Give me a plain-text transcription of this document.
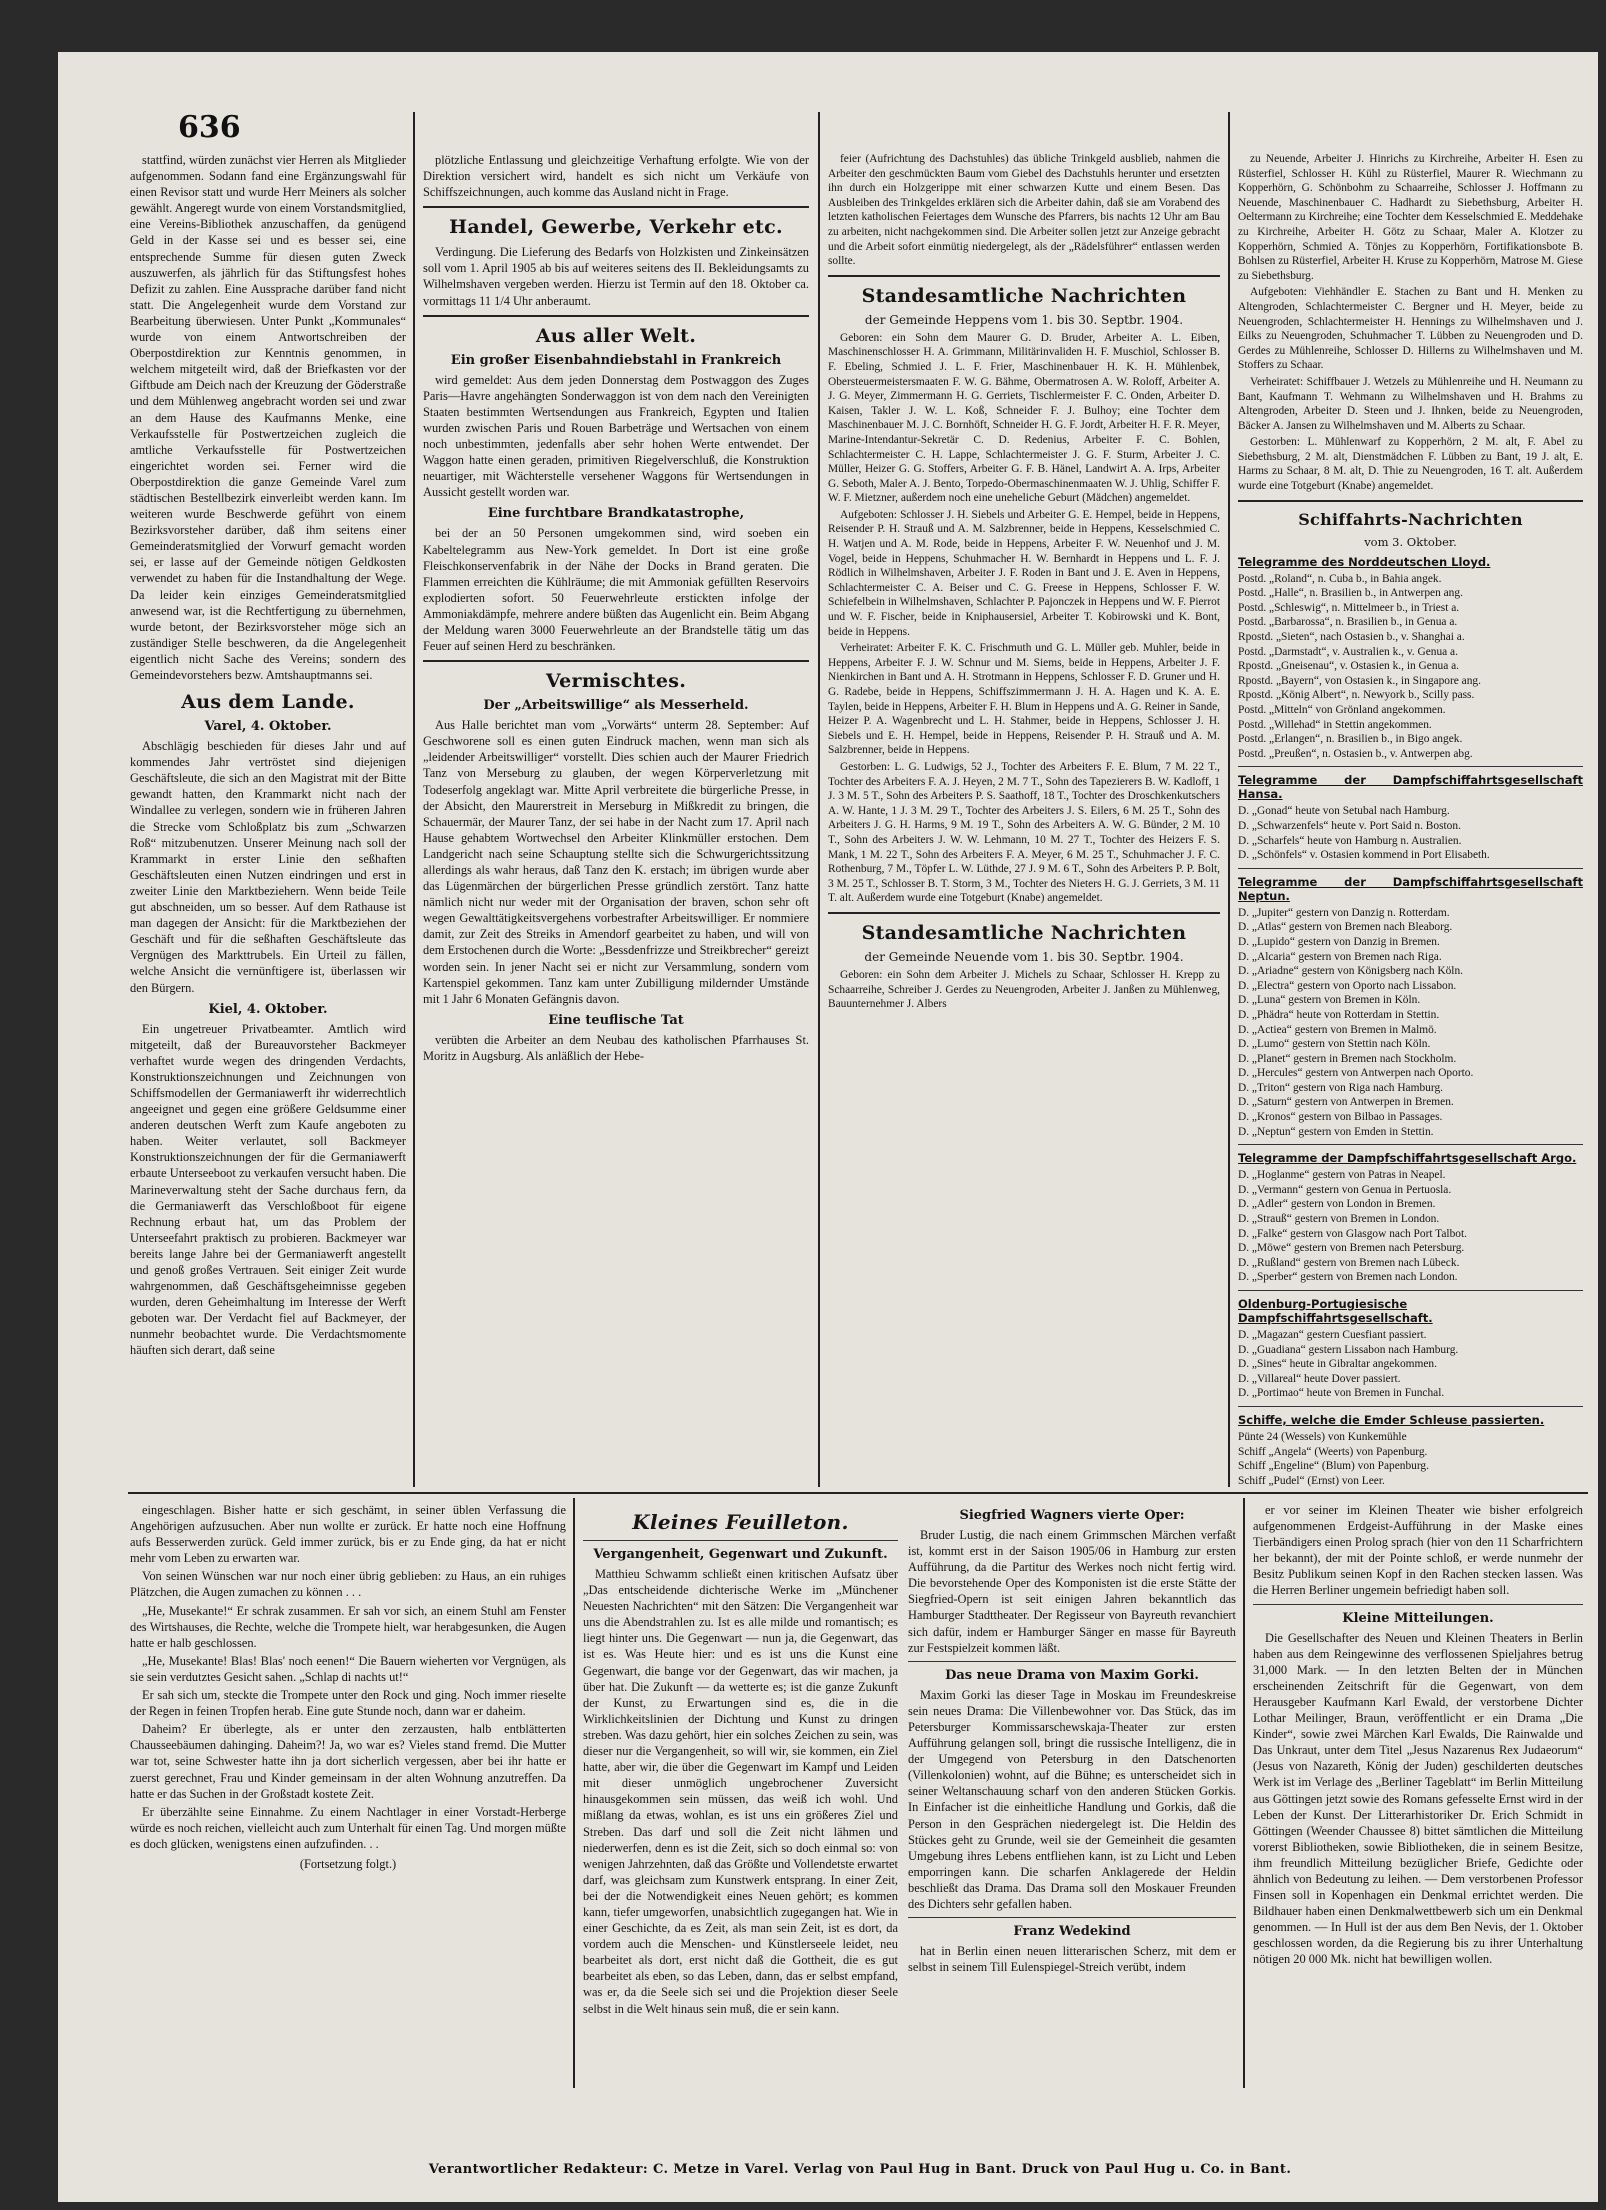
636

stattfind, würden zunächst vier Herren als Mitglieder aufgenommen. Sodann fand eine Ergänzungswahl für einen Revisor statt und wurde Herr Meiners als solcher gewählt. Angeregt wurde von einem Vorstandsmitglied, eine Vereins-Bibliothek anzuschaffen, da genügend Geld in der Kasse sei und es besser sei, eine entsprechende Summe für diesen guten Zweck auszuwerfen, als jährlich für das Stiftungsfest hohes Defizit zu zahlen. Eine Aussprache darüber fand nicht statt. Die Angelegenheit wurde dem Vorstand zur Bearbeitung überwiesen. Unter Punkt „Kommunales“ wurde von einem Antwortschreiben der Oberpostdirektion zur Kenntnis genommen, in welchem mitgeteilt wird, daß der Briefkasten vor der Giftbude am Deich nach der Kreuzung der Göderstraße und dem Mühlenweg angebracht worden sei und zwar an dem Hause des Kaufmanns Menke, eine Verkaufsstelle für Postwertzeichen zugleich die amtliche Verkaufsstelle für Postwertzeichen eingerichtet worden sei. Ferner wird die Oberpostdirektion die ganze Gemeinde Varel zum städtischen Bestellbezirk einverleibt werden kann. Im weiteren wurde Beschwerde geführt von einem Bezirksvorsteher darüber, daß ihm seitens einer Gemeinderatsmitglied der Vorwurf gemacht worden sei, er lasse auf der Gemeinde nötigen Geldkosten verwendet zu haben für die Instandhaltung der Wege. Da leider kein einziges Gemeinderatsmitglied anwesend war, ist die Rechtfertigung zu übernehmen, wurde betont, der Bezirksvorsteher möge sich an zuständiger Stelle beschweren, da die Angelegenheit eigentlich nicht Sache des Vereins; sondern des Gemeindevorstehers bezw. Amtshauptmanns sei.

Aus dem Lande.
Varel, 4. Oktober.

Abschlägig beschieden für dieses Jahr und auf kommendes Jahr vertröstet sind diejenigen Geschäftsleute, die sich an den Magistrat mit der Bitte gewandt hatten, den Krammarkt nicht nach der Windallee zu verlegen, sondern wie in früheren Jahren die Strecke vom Schloßplatz bis zum „Schwarzen Roß“ mitzubenutzen. Unserer Meinung nach soll der Krammarkt in erster Linie den seßhaften Geschäftsleuten einen Nutzen eindringen und erst in zweiter Linie den Marktbeziehern. Wenn beide Teile gut abschneiden, um so besser. Auf dem Rathause ist man dagegen der Ansicht: für die Marktbeziehen der Geschäft und für die seßhaften Geschäftsleute das Vergnügen des Markttrubels. Ein Urteil zu fällen, welche Ansicht die vernünftigere ist, überlassen wir den Bürgern.

Kiel, 4. Oktober.

Ein ungetreuer Privatbeamter. Amtlich wird mitgeteilt, daß der Bureauvorsteher Backmeyer verhaftet wurde wegen des dringenden Verdachts, Konstruktionszeichnungen und Zeichnungen von Schiffsmodellen der Germaniawerft ihr widerrechtlich angeeignet und gegen eine größere Geldsumme einer anderen deutschen Werft zum Kaufe angeboten zu haben. Weiter verlautet, soll Backmeyer Konstruktionszeichnungen der für die Germaniawerft erbaute Unterseeboot zu verkaufen versucht haben. Die Marineverwaltung steht der Sache durchaus fern, da die Germaniawerft das Verschloßboot für eigene Rechnung erbaut hat, um das Problem der Unterseefahrt praktisch zu probieren. Backmeyer war bereits lange Jahre bei der Germaniawerft angestellt und genoß großes Vertrauen. Seit einiger Zeit wurde wahrgenommen, daß Geschäftsgeheimnisse gegeben wurden, deren Geheimhaltung im Interesse der Werft geboten war. Der Verdacht fiel auf Backmeyer, der nunmehr beobachtet wurde. Die Verdachtsmomente häuften sich derart, daß seine

plötzliche Entlassung und gleichzeitige Verhaftung erfolgte. Wie von der Direktion versichert wird, handelt es sich nicht um Verkäufe von Schiffszeichnungen, auch komme das Ausland nicht in Frage.

Handel, Gewerbe, Verkehr etc.

Verdingung. Die Lieferung des Bedarfs von Holzkisten und Zinkeinsätzen soll vom 1. April 1905 ab bis auf weiteres seitens des II. Bekleidungsamts zu Wilhelmshaven vergeben werden. Hierzu ist Termin auf den 18. Oktober ca. vormittags 11 1/4 Uhr anberaumt.

Aus aller Welt.
Ein großer Eisenbahndiebstahl in Frankreich

wird gemeldet: Aus dem jeden Donnerstag dem Postwaggon des Zuges Paris—Havre angehängten Sonderwaggon ist von dem nach den Vereinigten Staaten bestimmten Wertsendungen aus Frankreich, Egypten und Italien wurden zwischen Paris und Rouen Barbeträge und Wertsachen von einem noch unbestimmten, jedenfalls aber sehr hohen Werte entwendet. Der Waggon hatte einen geraden, primitiven Riegelverschluß, die Konstruktion neuartiger, mit Wächterstelle versehener Waggons für Wertsendungen in Aussicht gestellt worden war.

Eine furchtbare Brandkatastrophe,

bei der an 50 Personen umgekommen sind, wird soeben ein Kabeltelegramm aus New-York gemeldet. In Dort ist eine große Fleischkonservenfabrik in der Nähe der Docks in Brand geraten. Die Flammen erreichten die Kühlräume; die mit Ammoniak gefüllten Reservoirs explodierten sofort. 50 Feuerwehrleute erstickten infolge der Ammoniakdämpfe, mehrere andere büßten das Augenlicht ein. Beim Abgang der Meldung waren 3000 Feuerwehrleute an der Brandstelle tätig um das Feuer auf seinen Herd zu beschränken.

Vermischtes.
Der „Arbeitswillige“ als Messerheld.

Aus Halle berichtet man vom „Vorwärts“ unterm 28. September: Auf Geschworene soll es einen guten Eindruck machen, wenn man sich als „leidender Arbeitswilliger“ vorstellt. Dies schien auch der Maurer Friedrich Tanz von Merseburg zu glauben, der wegen Körperverletzung mit Todeserfolg angeklagt war. Mitte April verbreitete die bürgerliche Presse, in der Absicht, den Maurerstreit in Merseburg in Mißkredit zu bringen, die Schauermär, der Maurer Tanz, der sei habe in der Nacht zum 17. April nach Hause gehabtem Wortwechsel den Arbeiter Klinkmüller erstochen. Dem Landgericht nach seine Schauptung stellte sich die Schwurgerichtssitzung allerdings als wahr heraus, daß Tanz den K. erstach; im übrigen wurde aber das Lügenmärchen der bürgerlichen Presse gründlich zerstört. Tanz hatte nämlich nicht nur weder mit der Organisation der braven, schon sehr oft wegen Gewalttätigkeitsvergehens vorbestrafter Arbeitswilliger. Er nommiere damit, zur Zeit des Streiks in Amendorf gearbeitet zu haben, und will von dem Erstochenen durch die Worte: „Bessdenfrizze und Streikbrecher“ gereizt worden sein. In jener Nacht sei er nicht zur Versammlung, sondern vom Kartenspiel gekommen. Tanz kam unter Zubilligung mildernder Umstände mit 1 Jahr 6 Monaten Gefängnis davon.

Eine teuflische Tat

verübten die Arbeiter an dem Neubau des katholischen Pfarrhauses St. Moritz in Augsburg. Als anläßlich der Hebe-

feier (Aufrichtung des Dachstuhles) das übliche Trinkgeld ausblieb, nahmen die Arbeiter den geschmückten Baum vom Giebel des Dachstuhls herunter und ersetzten ihn durch ein Holzgerippe mit einer schwarzen Kutte und einem Besen. Das Ausbleiben des Trinkgeldes erklären sich die Arbeiter dahin, daß sie am Vorabend des letzten katholischen Feiertages dem Wunsche des Pfarrers, bis nachts 12 Uhr am Bau zu arbeiten, nicht nachgekommen sind. Die Arbeiter sollen jetzt zur Anzeige gebracht und die Arbeit sofort einmütig niedergelegt, als der „Rädelsführer“ entlassen werden sollte.

Standesamtliche Nachrichten
der Gemeinde Heppens vom 1. bis 30. Septbr. 1904.

Geboren: ein Sohn dem Maurer G. D. Bruder, Arbeiter A. L. Eiben, Maschinenschlosser H. A. Grimmann, Militärinvaliden H. F. Muschiol, Schlosser B. F. Ebeling, Schmied J. L. F. Frier, Maschinenbauer H. K. H. Mühlenbek, Obersteuermeistersmaaten F. W. G. Bähme, Obermatrosen A. W. Roloff, Arbeiter A. J. G. Meyer, Zimmermann H. G. Gerriets, Tischlermeister F. C. Onden, Arbeiter D. Kaisen, Takler J. W. L. Koß, Schneider F. J. Bulhoy; eine Tochter dem Maschinenbauer M. J. C. Bornhöft, Schneider H. G. F. Jordt, Arbeiter H. F. R. Meyer, Marine-Intendantur-Sekretär C. D. Redenius, Arbeiter F. C. Bohlen, Schlachtermeister C. H. Lappe, Schlachtermeister J. G. F. Sturm, Arbeiter J. C. Müller, Heizer G. G. Stoffers, Arbeiter G. F. B. Hänel, Landwirt A. A. Irps, Arbeiter G. Seboth, Maler A. J. Bento, Torpedo-Obermaschinenmaaten W. J. Uhlig, Schiffer F. W. F. Mietzner, außerdem noch eine uneheliche Geburt (Mädchen) angemeldet.

Aufgeboten: Schlosser J. H. Siebels und Arbeiter G. E. Hempel, beide in Heppens, Reisender P. H. Strauß und A. M. Salzbrenner, beide in Heppens, Kesselschmied C. H. Watjen und A. M. Rode, beide in Heppens, Arbeiter F. W. Neuenhof und J. M. Vogel, beide in Heppens, Schuhmacher H. W. Bernhardt in Heppens und L. F. J. Rödlich in Wilhelmshaven, Arbeiter J. F. Roden in Bant und J. E. Aven in Heppens, Schlachtermeister C. A. Beiser und C. G. Freese in Heppens, Schlosser F. W. Schiefelbein in Wilhelmshaven, Schlachter P. Pajonczek in Heppens und W. F. Pierrot und W. F. Fischer, beide in Kniphausersiel, Arbeiter T. Kobirowski und K. Bont, beide in Heppens.

Verheiratet: Arbeiter F. K. C. Frischmuth und G. L. Müller geb. Muhler, beide in Heppens, Arbeiter F. J. W. Schnur und M. Siems, beide in Heppens, Arbeiter J. F. Nienkirchen in Bant und A. H. Strotmann in Heppens, Schlosser F. D. Gruner und H. G. Radebe, beide in Heppens, Schiffszimmermann J. H. A. Hagen und K. A. E. Taylen, beide in Heppens, Arbeiter F. H. Blum in Heppens und A. G. Reiner in Sande, Heizer P. A. Wagenbrecht und L. H. Stahmer, beide in Heppens, Schlosser J. H. Siebels und E. H. Hempel, beide in Heppens, Reisender P. H. Strauß und A. M. Salzbrenner, beide in Heppens.

Gestorben: L. G. Ludwigs, 52 J., Tochter des Arbeiters F. E. Blum, 7 M. 22 T., Tochter des Arbeiters F. A. J. Heyen, 2 M. 7 T., Sohn des Tapezierers B. W. Kadloff, 1 J. 3 M. 5 T., Sohn des Arbeiters P. S. Saathoff, 18 T., Tochter des Droschkenkutschers A. W. Hante, 1 J. 3 M. 29 T., Tochter des Arbeiters J. S. Eilers, 6 M. 25 T., Sohn des Arbeiters J. G. H. Harms, 9 M. 19 T., Sohn des Arbeiters A. W. G. Bünder, 2 M. 10 T., Sohn des Arbeiters J. W. W. Lehmann, 10 M. 27 T., Tochter des Heizers F. S. Mank, 1 M. 22 T., Sohn des Arbeiters F. A. Meyer, 6 M. 25 T., Schuhmacher J. F. C. Rothenburg, 7 M., Töpfer L. W. Lüthde, 27 J. 9 M. 6 T., Sohn des Arbeiters P. P. Bolt, 3 M. 25 T., Schlosser B. T. Storm, 3 M., Tochter des Nieters H. G. J. Gerriets, 3 M. 11 T. alt. Außerdem wurde eine Totgeburt (Knabe) angemeldet.

Standesamtliche Nachrichten
der Gemeinde Neuende vom 1. bis 30. Septbr. 1904.

Geboren: ein Sohn dem Arbeiter J. Michels zu Schaar, Schlosser H. Krepp zu Schaarreihe, Schreiber J. Gerdes zu Neuengroden, Arbeiter J. Janßen zu Mühlenweg, Bauunternehmer J. Albers

zu Neuende, Arbeiter J. Hinrichs zu Kirchreihe, Arbeiter H. Esen zu Rüsterfiel, Schlosser H. Kühl zu Rüsterfiel, Maurer R. Wiechmann zu Kopperhörn, G. Schönbohm zu Schaarreihe, Schlosser J. Hoffmann zu Neuende, Maschinenbauer C. Hadhardt zu Siebethsburg, Arbeiter H. Oeltermann zu Kirchreihe; eine Tochter dem Kesselschmied E. Meddehake zu Kirchreihe, Arbeiter H. Götz zu Schaar, Maler A. Klotzer zu Kopperhörn, Schmied A. Tönjes zu Kopperhörn, Fortifikationsbote B. Bohlsen zu Rüsterfiel, Arbeiter H. Kruse zu Kopperhörn, Matrose M. Giese zu Siebethsburg.

Aufgeboten: Viehhändler E. Stachen zu Bant und H. Menken zu Altengroden, Schlachtermeister C. Bergner und H. Meyer, beide zu Neuengroden, Schlachtermeister H. Hennings zu Wilhelmshaven und J. Eilks zu Neuengroden, Schuhmacher T. Lübben zu Neuengroden und D. Gerdes zu Mühlenreihe, Schlosser D. Hillerns zu Wilhelmshaven und M. Stoffers zu Schaar.

Verheiratet: Schiffbauer J. Wetzels zu Mühlenreihe und H. Neumann zu Bant, Kaufmann T. Wehmann zu Wilhelmshaven und H. Brahms zu Altengroden, Arbeiter D. Steen und J. Ihnken, beide zu Neuengroden, Bäcker A. Jansen zu Wilhelmshaven und M. Alberts zu Schaar.

Gestorben: L. Mühlenwarf zu Kopperhörn, 2 M. alt, F. Abel zu Siebethsburg, 2 M. alt, Dienstmädchen F. Lübben zu Bant, 19 J. alt, E. Harms zu Schaar, 8 M. alt, D. Thie zu Neuengroden, 16 T. alt. Außerdem wurde eine Totgeburt (Knabe) angemeldet.

Schiffahrts-Nachrichten
vom 3. Oktober.
Telegramme des Norddeutschen Lloyd.
Postd. „Roland“, n. Cuba b., in Bahia angek.
Postd. „Halle“, n. Brasilien b., in Antwerpen ang.
Postd. „Schleswig“, n. Mittelmeer b., in Triest a.
Postd. „Barbarossa“, n. Brasilien b., in Genua a.
Rpostd. „Sieten“, nach Ostasien b., v. Shanghai a.
Postd. „Darmstadt“, v. Australien k., v. Genua a.
Rpostd. „Gneisenau“, v. Ostasien k., in Genua a.
Rpostd. „Bayern“, von Ostasien k., in Singapore ang.
Rpostd. „König Albert“, n. Newyork b., Scilly pass.
Postd. „Mitteln“ von Grönland angekommen.
Postd. „Willehad“ in Stettin angekommen.
Postd. „Erlangen“, n. Brasilien b., in Bigo angek.
Postd. „Preußen“, n. Ostasien b., v. Antwerpen abg.
Telegramme der Dampfschiffahrtsgesellschaft Hansa.
D. „Gonad“ heute von Setubal nach Hamburg.
D. „Schwarzenfels“ heute v. Port Said n. Boston.
D. „Scharfels“ heute von Hamburg n. Australien.
D. „Schönfels“ v. Ostasien kommend in Port Elisabeth.
Telegramme der Dampfschiffahrtsgesellschaft Neptun.
D. „Jupiter“ gestern von Danzig n. Rotterdam.
D. „Atlas“ gestern von Bremen nach Bleaborg.
D. „Lupido“ gestern von Danzig in Bremen.
D. „Alcaria“ gestern von Bremen nach Riga.
D. „Ariadne“ gestern von Königsberg nach Köln.
D. „Electra“ gestern von Oporto nach Lissabon.
D. „Luna“ gestern von Bremen in Köln.
D. „Phädra“ heute von Rotterdam in Stettin.
D. „Actiea“ gestern von Bremen in Malmö.
D. „Lumo“ gestern von Stettin nach Köln.
D. „Planet“ gestern in Bremen nach Stockholm.
D. „Hercules“ gestern von Antwerpen nach Oporto.
D. „Triton“ gestern von Riga nach Hamburg.
D. „Saturn“ gestern von Antwerpen in Bremen.
D. „Kronos“ gestern von Bilbao in Passages.
D. „Neptun“ gestern von Emden in Stettin.
Telegramme der Dampfschiffahrtsgesellschaft Argo.
D. „Hoglanme“ gestern von Patras in Neapel.
D. „Vermann“ gestern von Genua in Pertuosla.
D. „Adler“ gestern von London in Bremen.
D. „Strauß“ gestern von Bremen in London.
D. „Falke“ gestern von Glasgow nach Port Talbot.
D. „Möwe“ gestern von Bremen nach Petersburg.
D. „Rußland“ gestern von Bremen nach Lübeck.
D. „Sperber“ gestern von Bremen nach London.
Oldenburg-Portugiesische Dampfschiffahrtsgesellschaft.
D. „Magazan“ gestern Cuesfiant passiert.
D. „Guadiana“ gestern Lissabon nach Hamburg.
D. „Sines“ heute in Gibraltar angekommen.
D. „Villareal“ heute Dover passiert.
D. „Portimao“ heute von Bremen in Funchal.
Schiffe, welche die Emder Schleuse passierten.
Pünte 24 (Wessels) von Kunkemühle
Schiff „Angela“ (Weerts) von Papenburg.
Schiff „Engeline“ (Blum) von Papenburg.
Schiff „Pudel“ (Ernst) von Leer.

eingeschlagen. Bisher hatte er sich geschämt, in seiner üblen Verfassung die Angehörigen aufzusuchen. Aber nun wollte er zurück. Er hatte noch eine Hoffnung aufs Besserwerden zurück. Geld immer zurück, bis er zu Ende ging, da hat er nicht mehr vom Leben zu erwarten war.

Von seinen Wünschen war nur noch einer übrig geblieben: zu Haus, an ein ruhiges Plätzchen, die Augen zumachen zu können . . .

„He, Musekante!“ Er schrak zusammen. Er sah vor sich, an einem Stuhl am Fenster des Wirtshauses, die Rechte, welche die Trompete hielt, war herabgesunken, die Augen hatte er halb geschlossen.

„He, Musekante! Blas! Blas' noch eenen!“ Die Bauern wieherten vor Vergnügen, als sie sein verdutztes Gesicht sahen. „Schlap di nachts ut!“

Er sah sich um, steckte die Trompete unter den Rock und ging. Noch immer rieselte der Regen in feinen Tropfen herab. Eine gute Stunde noch, dann war er daheim.

Daheim? Er überlegte, als er unter den zerzausten, halb entblätterten Chausseebäumen dahinging. Daheim?! Ja, wo war es? Vieles stand fremd. Die Mutter war tot, seine Schwester hatte ihn ja dort sicherlich vergessen, aber bei ihr hatte er zuerst gerechnet, Frau und Kinder gemeinsam in der alten Wohnung anzutreffen. Da hatte er das Suchen in der Großstadt kostete Zeit.

Er überzählte seine Einnahme. Zu einem Nachtlager in einer Vorstadt-Herberge würde es noch reichen, vielleicht auch zum Unterhalt für einen Tag. Und morgen müßte es doch glücken, wenigstens einen aufzufinden. . .

(Fortsetzung folgt.)
Kleines Feuilleton.
Vergangenheit, Gegenwart und Zukunft.

Matthieu Schwamm schließt einen kritischen Aufsatz über „Das entscheidende dichterische Werke im „Münchener Neuesten Nachrichten“ mit den Sätzen: Die Vergangenheit war uns die Abendstrahlen zu. Ist es alle milde und romantisch; es liegt hinter uns. Die Gegenwart — nun ja, die Gegenwart, das ist es. Was Heute hier: und es ist uns die Kunst eine Gegenwart, die bange vor der Gegenwart, das wir machen, ja über hat. Die Zukunft — da wetterte es; ist die ganze Zukunft der Kunst, zu Erwartungen sind es, die in die Wirklichkeitslinien der Dichtung und Kunst zu dringen streben. Was dazu gehört, hier ein solches Zeichen zu sein, was dieser nur die Vergangenheit, so will wir, sie kommen, ein Ziel hatte, aber wir, die über die Gegenwart im Kampf und Leiden mit dieser unmöglich ungebrochener Zuversicht hinausgekommen sein müssen, das weiß ich wohl. Und mißlang da etwas, wohlan, es ist uns ein größeres Ziel und Streben. Das darf und soll die Zeit nicht lähmen und niederwerfen, denn es ist die Zeit, sich so doch einmal so: von wenigen Jahrzehnten, daß das Größte und Vollendetste erwartet darf, was gleichsam zum Kunstwerk entsprang. In einer Zeit, bei der die Notwendigkeit eines Neuen gehört; es kommen kann, tiefer umgeworfen, unabsichtlich zugegangen hat. Wie in einer Geschichte, da es Zeit, als man sein Zeit, ist es dort, da vordem auch die Menschen- und Künstlerseele leidet, neu bearbeitet als dort, erst nicht daß die Gottheit, die es gut bearbeitet als eben, so das Leben, dann, das er selbst empfand, was er, da die Seele sich sei und die Projektion dieser Seele selbst in die Welt hinaus sein muß, die er sein kann.

Siegfried Wagners vierte Oper:

Bruder Lustig, die nach einem Grimmschen Märchen verfaßt ist, kommt erst in der Saison 1905/06 in Hamburg zur ersten Aufführung, da die Partitur des Werkes noch nicht fertig wird. Die bevorstehende Oper des Komponisten ist die erste Stätte der Siegfried-Opern ist seit einigen Jahren bekanntlich das Hamburger Stadttheater. Der Regisseur von Bayreuth revanchiert sich dafür, indem er Hamburger Sänger en masse für Bayreuth zur Festspielzeit kommen läßt.

Das neue Drama von Maxim Gorki.

Maxim Gorki las dieser Tage in Moskau im Freundeskreise sein neues Drama: Die Villenbewohner vor. Das Stück, das im Petersburger Kommissarschewskaja-Theater zur ersten Aufführung gelangen soll, bringt die russische Intelligenz, die in der Umgegend von Petersburg in den Datschenorten (Villenkolonien) wohnt, auf die Bühne; es unterscheidet sich in seiner Weltanschauung scharf von den anderen Stücken Gorkis. In Einfacher ist die einheitliche Handlung und Gorkis, daß die Person in den Gesprächen niedergelegt ist. Die Heldin des Stückes geht zu Grunde, weil sie der Gemeinheit die gesamten Umgebung ihres Lebens entfliehen kann, ist zu Licht und Leben emporringen kann. Die scharfen Anklagerede der Heldin beschließt das Drama. Das Drama soll den Moskauer Freunden des Dichters sehr gefallen haben.

Franz Wedekind

hat in Berlin einen neuen litterarischen Scherz, mit dem er selbst in seinem Till Eulenspiegel-Streich verübt, indem

er vor seiner im Kleinen Theater wie bisher erfolgreich aufgenommenen Erdgeist-Aufführung in der Maske eines Tierbändigers einen Prolog sprach (hier von den 11 Scharfrichtern her bekannt), der mit der Pointe schloß, er werde nunmehr der Besitz Publikum seinen Kopf in den Rachen stecken lassen. Was die Herren Berliner ungemein befriedigt haben soll.

Kleine Mitteilungen.

Die Gesellschafter des Neuen und Kleinen Theaters in Berlin haben aus dem Reingewinne des verflossenen Spieljahres betrug 31,000 Mark. — In den letzten Belten der in München erscheinenden Zeitschrift für die Gegenwart, von dem Herausgeber Kaufmann Karl Ewald, der verstorbene Dichter Lothar Meilinger, Braun, veröffentlicht er ein Drama „Die Kinder“, sowie zwei Märchen Karl Ewalds, Die Rainwalde und Das Unkraut, unter dem Titel „Jesus Nazarenus Rex Judaeorum“ (Jesus von Nazareth, König der Juden) geschilderten deutsches Werk ist im Verlage des „Berliner Tageblatt“ im Berlin Mitteilung aus Göttingen jetzt sowie des Romans gefesselte Ernst wird in der Leben der Kunst. Der Litterarhistoriker Dr. Erich Schmidt in Göttingen (Weender Chaussee 8) bittet sämtlichen die Mitteilung vorerst Bibliotheken, sowie Bibliotheken, die in seinem Besitze, ihm freundlich Mitteilung bezüglicher Briefe, Gedichte oder ähnlich von Bedeutung zu leihen. — Dem verstorbenen Professor Finsen soll in Kopenhagen ein Denkmal errichtet werden. Die Bildhauer haben einen Denkmalwettbewerb sich um ein Denkmal genommen. — In Hull ist der aus dem Ben Nevis, der 1. Oktober geschlossen worden, da die Regierung bis zu ihrer Unterhaltung nötigen 20 000 Mk. nicht hat bewilligen wollen.

Verantwortlicher Redakteur: C. Metze in Varel. Verlag von Paul Hug in Bant. Druck von Paul Hug u. Co. in Bant.
